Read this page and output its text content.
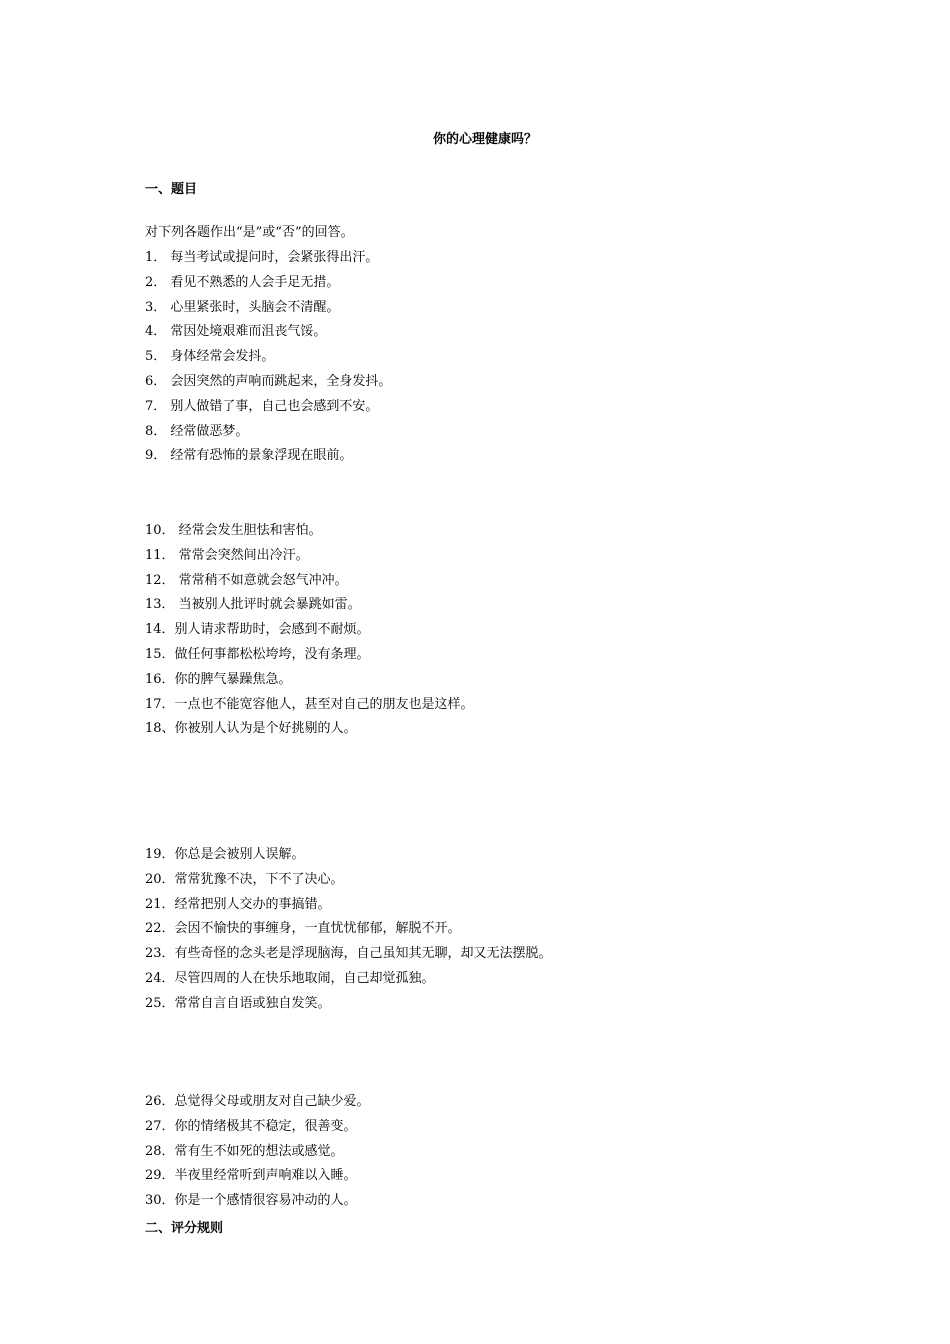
你的心理健康吗？
一、题目
对下列各题作出“是”或“否”的回答。
1． 每当考试或提问时，会紧张得出汗。
2． 看见不熟悉的人会手足无措。
3． 心里紧张时，头脑会不清醒。
4． 常因处境艰难而沮丧气馁。
5． 身体经常会发抖。
6． 会因突然的声响而跳起来，全身发抖。
7． 别人做错了事，自己也会感到不安。
8． 经常做恶梦。
9． 经常有恐怖的景象浮现在眼前。
10． 经常会发生胆怯和害怕。
11． 常常会突然间出冷汗。
12． 常常稍不如意就会怒气冲冲。
13． 当被别人批评时就会暴跳如雷。
14．别人请求帮助时，会感到不耐烦。
15．做任何事都松松垮垮，没有条理。
16．你的脾气暴躁焦急。
17．一点也不能宽容他人，甚至对自己的朋友也是这样。
18、你被别人认为是个好挑剔的人。
19．你总是会被别人误解。
20．常常犹豫不决，下不了决心。
21．经常把别人交办的事搞错。
22．会因不愉快的事缠身，一直忧忧郁郁，解脱不开。
23．有些奇怪的念头老是浮现脑海，自己虽知其无聊，却又无法摆脱。
24．尽管四周的人在快乐地取闹，自己却觉孤独。
25．常常自言自语或独自发笑。
26．总觉得父母或朋友对自己缺少爱。
27．你的情绪极其不稳定，很善变。
28．常有生不如死的想法或感觉。
29．半夜里经常听到声响难以入睡。
30．你是一个感情很容易冲动的人。
二、评分规则
